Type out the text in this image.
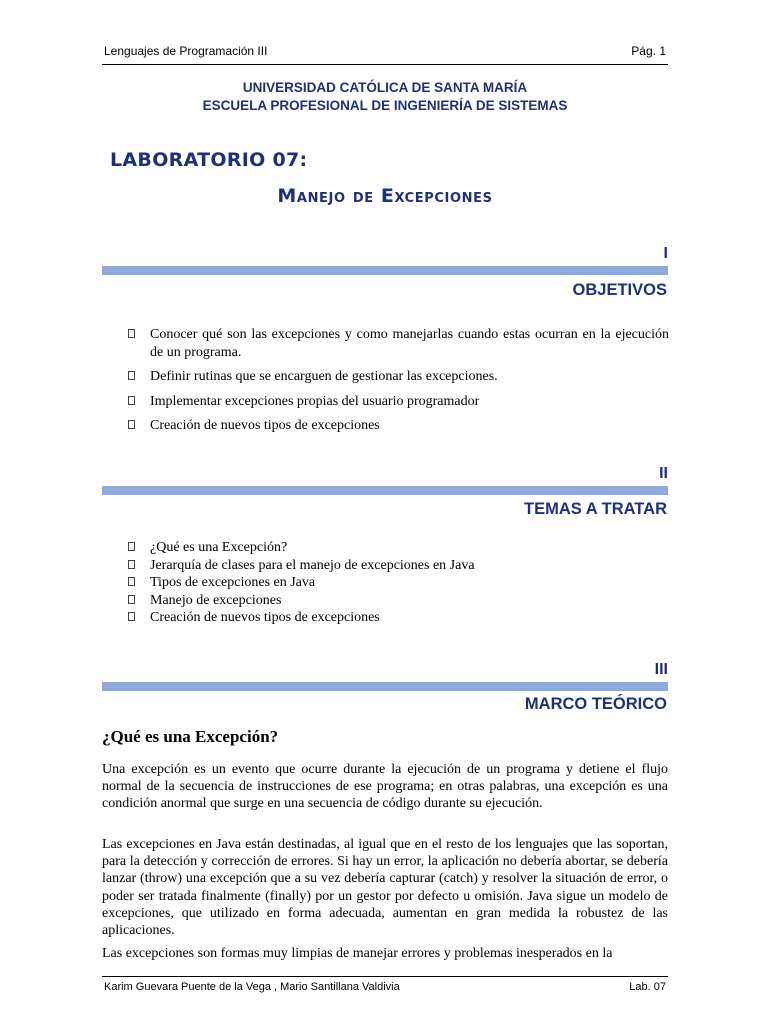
Lenguajes de Programación III	Pág. 1
UNIVERSIDAD CATÓLICA DE SANTA MARÍA
ESCUELA PROFESIONAL DE INGENIERÍA DE SISTEMAS
LABORATORIO 07:
Manejo de Excepciones
I
OBJETIVOS
Conocer qué son las excepciones y como manejarlas cuando estas ocurran en la ejecución de un programa.
Definir rutinas que se encarguen de gestionar las excepciones.
Implementar excepciones propias del usuario programador
Creación de nuevos tipos de excepciones
II
TEMAS A TRATAR
¿Qué es una Excepción?
Jerarquía de clases para el manejo de excepciones en Java
Tipos de excepciones en Java
Manejo de excepciones
Creación de nuevos tipos de excepciones
III
MARCO TEÓRICO
¿Qué es una Excepción?

Una excepción es un evento que ocurre durante la ejecución de un programa y detiene el flujo normal de la secuencia de instrucciones de ese programa; en otras palabras, una excepción es una condición anormal que surge en una secuencia de código durante su ejecución.

Las excepciones en Java están destinadas, al igual que en el resto de los lenguajes que las soportan, para la detección y corrección de errores. Si hay un error, la aplicación no debería abortar, se debería lanzar (throw) una excepción que a su vez debería capturar (catch) y resolver la situación de error, o poder ser tratada finalmente (finally) por un gestor por defecto u omisión. Java sigue un modelo de excepciones, que utilizado en forma adecuada, aumentan en gran medida la robustez de las aplicaciones.

Las excepciones son formas muy limpias de manejar errores y problemas inesperados en la

Karim Guevara Puente de la Vega , Mario Santillana Valdivia	Lab. 07
